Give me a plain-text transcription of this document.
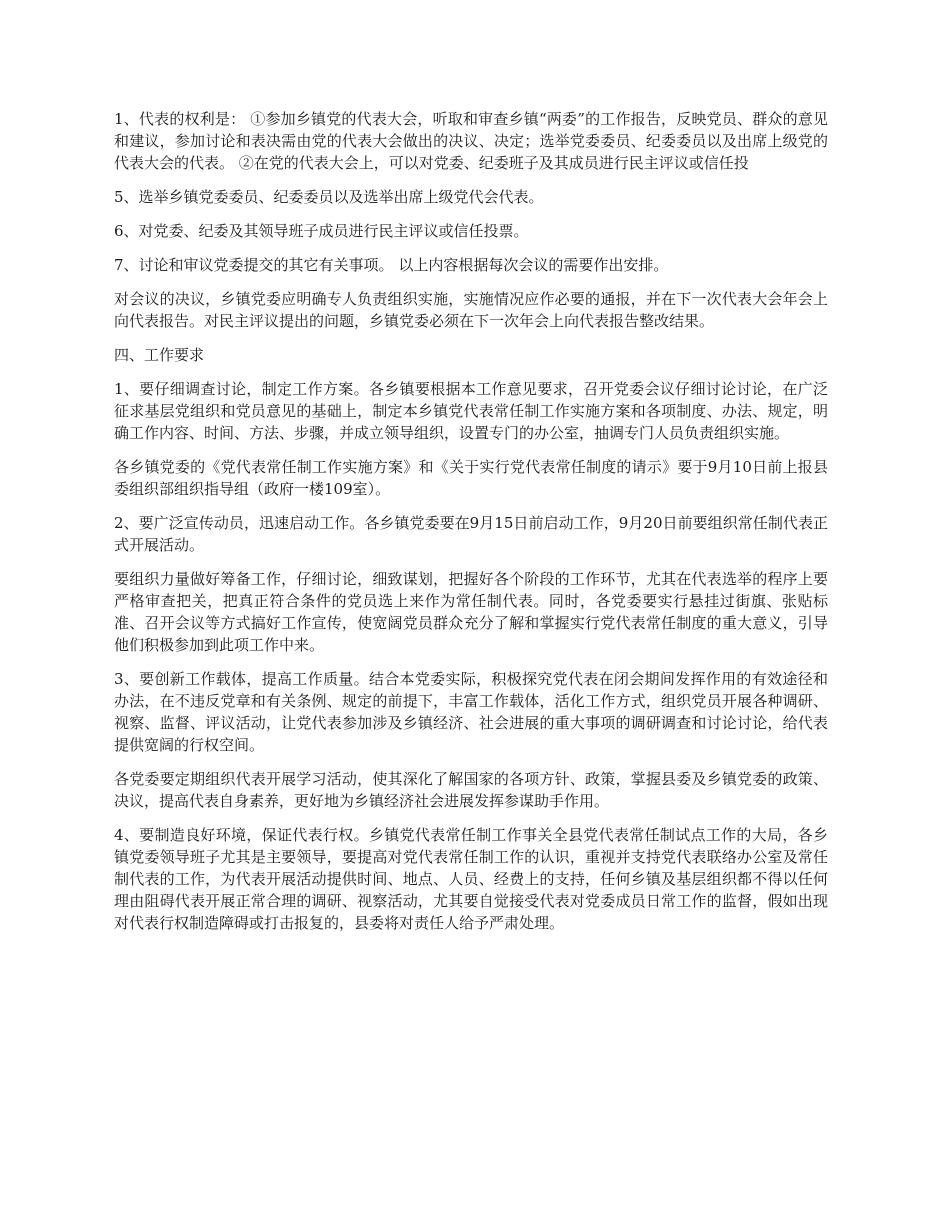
1、代表的权利是： ①参加乡镇党的代表大会，听取和审查乡镇“两委”的工作报告，反映党员、群众的意见和建议，参加讨论和表决需由党的代表大会做出的决议、决定；选举党委委员、纪委委员以及出席上级党的代表大会的代表。 ②在党的代表大会上，可以对党委、纪委班子及其成员进行民主评议或信任投

5、选举乡镇党委委员、纪委委员以及选举出席上级党代会代表。

6、对党委、纪委及其领导班子成员进行民主评议或信任投票。

7、讨论和审议党委提交的其它有关事项。 以上内容根据每次会议的需要作出安排。

对会议的决议，乡镇党委应明确专人负责组织实施，实施情况应作必要的通报，并在下一次代表大会年会上向代表报告。对民主评议提出的问题，乡镇党委必须在下一次年会上向代表报告整改结果。

四、工作要求

1、要仔细调查讨论，制定工作方案。各乡镇要根据本工作意见要求，召开党委会议仔细讨论讨论，在广泛征求基层党组织和党员意见的基础上，制定本乡镇党代表常任制工作实施方案和各项制度、办法、规定，明确工作内容、时间、方法、步骤，并成立领导组织，设置专门的办公室，抽调专门人员负责组织实施。

各乡镇党委的《党代表常任制工作实施方案》和《关于实行党代表常任制度的请示》要于9月10日前上报县委组织部组织指导组（政府一楼109室）。

2、要广泛宣传动员，迅速启动工作。各乡镇党委要在9月15日前启动工作，9月20日前要组织常任制代表正式开展活动。

要组织力量做好筹备工作，仔细讨论，细致谋划，把握好各个阶段的工作环节，尤其在代表选举的程序上要严格审查把关，把真正符合条件的党员选上来作为常任制代表。同时，各党委要实行悬挂过街旗、张贴标准、召开会议等方式搞好工作宣传，使宽阔党员群众充分了解和掌握实行党代表常任制度的重大意义，引导他们积极参加到此项工作中来。

3、要创新工作载体，提高工作质量。结合本党委实际，积极探究党代表在闭会期间发挥作用的有效途径和办法，在不违反党章和有关条例、规定的前提下，丰富工作载体，活化工作方式，组织党员开展各种调研、视察、监督、评议活动，让党代表参加涉及乡镇经济、社会进展的重大事项的调研调查和讨论讨论，给代表提供宽阔的行权空间。

各党委要定期组织代表开展学习活动，使其深化了解国家的各项方针、政策，掌握县委及乡镇党委的政策、决议，提高代表自身素养，更好地为乡镇经济社会进展发挥参谋助手作用。

4、要制造良好环境，保证代表行权。乡镇党代表常任制工作事关全县党代表常任制试点工作的大局，各乡镇党委领导班子尤其是主要领导，要提高对党代表常任制工作的认识，重视并支持党代表联络办公室及常任制代表的工作，为代表开展活动提供时间、地点、人员、经费上的支持，任何乡镇及基层组织都不得以任何理由阻碍代表开展正常合理的调研、视察活动，尤其要自觉接受代表对党委成员日常工作的监督，假如出现对代表行权制造障碍或打击报复的，县委将对责任人给予严肃处理。
